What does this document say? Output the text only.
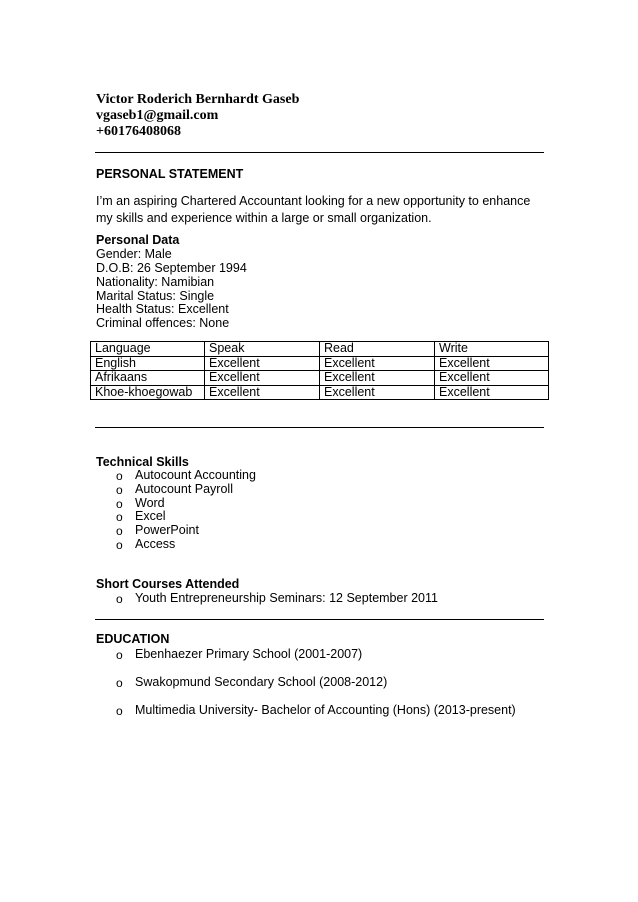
Victor Roderich Bernhardt Gaseb
vgaseb1@gmail.com
+60176408068
PERSONAL STATEMENT
I’m an aspiring Chartered Accountant looking for a new opportunity to enhance my skills and experience within a large or small organization.
Personal Data
Gender: Male
D.O.B: 26 September 1994
Nationality: Namibian
Marital Status: Single
Health Status: Excellent
Criminal offences: None
Language	Speak	Read	Write
English	Excellent	Excellent	Excellent
Afrikaans	Excellent	Excellent	Excellent
Khoe-khoegowab	Excellent	Excellent	Excellent
Technical Skills
o Autocount Accounting
o Autocount Payroll
o Word
o Excel
o PowerPoint
o Access
Short Courses Attended
o Youth Entrepreneurship Seminars: 12 September 2011
EDUCATION
o Ebenhaezer Primary School (2001-2007)
o Swakopmund Secondary School (2008-2012)
o Multimedia University- Bachelor of Accounting (Hons) (2013-present)
